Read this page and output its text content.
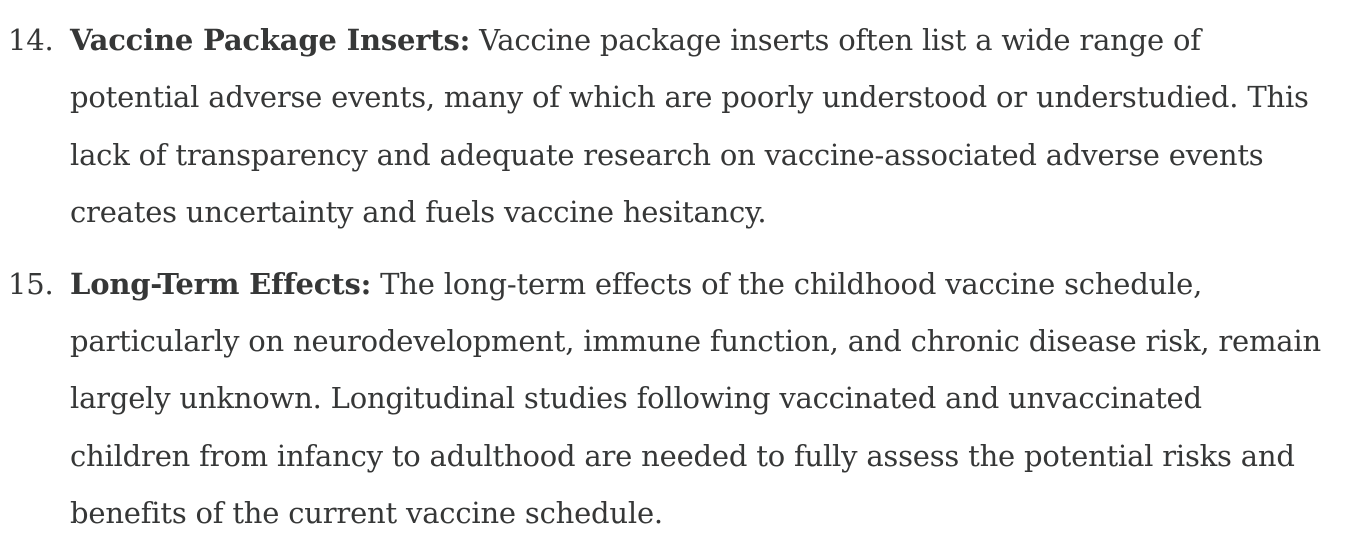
14. Vaccine Package Inserts: Vaccine package inserts often list a wide range of potential adverse events, many of which are poorly understood or understudied. This lack of transparency and adequate research on vaccine-associated adverse events creates uncertainty and fuels vaccine hesitancy.
15. Long-Term Effects: The long-term effects of the childhood vaccine schedule, particularly on neurodevelopment, immune function, and chronic disease risk, remain largely unknown. Longitudinal studies following vaccinated and unvaccinated children from infancy to adulthood are needed to fully assess the potential risks and benefits of the current vaccine schedule.
